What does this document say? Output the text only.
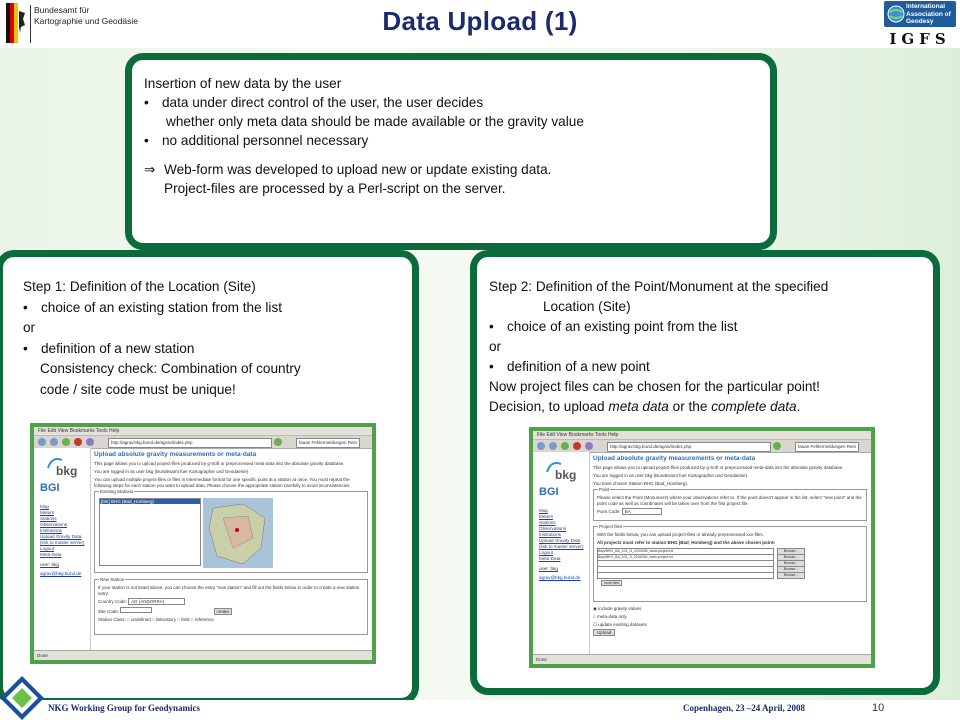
Bundesamt für
Kartographie und Geodäsie	Data Upload (1)	International
Association of
Geodesy
IGFS
Insertion of new data by the user
• data under direct control of the user, the user decides
whether only meta data should be made available or the gravity value
• no additional personnel necessary
⇒ Web-form was developed to upload new or update existing data.
Project-files are processed by a Perl-script on the server.
Step 1: Definition of the Location (Site)
• choice of an existing station from the list
or
• definition of a new station
Consistency check: Combination of country
code / site code must be unique!
Step 2: Definition of the Point/Monument at the specified
Location (Site)
• choice of an existing point from the list
or
• definition of a new point
Now project files can be chosen for the particular point!
Decision, to upload meta data or the complete data.
File Edit View Bookmarks Tools Help
http://agrav.bkg.bund.de/agrav/index.php	fauan Fehlermeldungen Rein
bkg
BGI
Map
Meters
Stations
Observations
Institutions
Upload Gravity Data
(link to master server)
Logout
Meta-Data
user: bkg
agrav@bkg.bund.de
Upload absolute gravity measurements or meta-data
This page allows you to upload project-files produced by g-Soft or preprocessed meta-data into the absolute gravity database.
You are logged in as user bkg (Bundesamt fuer Kartographie und Geodaesie)
You can upload multiple project-files or files in intermediate format for one specific point at a station at once. You must repeat the following steps for each station you want to upload data. Please choose the appropriate station carefully to avoid inconsistencies.
Existing Stations
[DE] BHG (Bad_Homberg)
New Station
If your station is not listed above, you can choose the entry "new station" and fill out the fields below in order to create a new station entry.
Country Code: AD (ANDORRA)
Site Code:	create
Station Class: ○ undefined ○ laboratory ○ field ○ reference
Done
File Edit View Bookmarks Tools Help
http://agrav.bkg.bund.de/agrav/index.php	fauan Fehlermeldungen Rein
bkg
BGI
Map
Meters
Stations
Observations
Institutions
Upload Gravity Data
(link to master server)
Logout
Meta-Data
user: bkg
agrav@bkg.bund.de
Upload absolute gravity measurements or meta-data
This page allows you to upload project-files produced by g-Soft or preprocessed meta-data into the absolute gravity database.
You are logged in as user bkg (Bundesamt fuer Kartographie und Geodaesie)
You have chosen Station BHG (Bad_Homberg).
Point
Please select the Point (Monument) where your observations refer to. If the point doesn't appear in the list, select "new point" and the point code as well as coordinates will be taken over from the first project file.
Point Code: BA
Project files
With the fields below, you can upload project-files or already preprocessed xxx-files.
All projects must refer to station BHG (Bad_Homberg) and the above chosen point!
fbsp/BHG_BA_101_N_220403b_www.project.txt	Browse...
fbsp/BHG_BA_101_S_220403b_www.project.txt	Browse...
Browse...
Browse...
Browse...
more files
◉ include gravity values
○ meta-data only
☐ update existing datasets
Upload
Done
NKG Working Group for Geodynamics	Copenhagen, 23 –24 April, 2008	10
